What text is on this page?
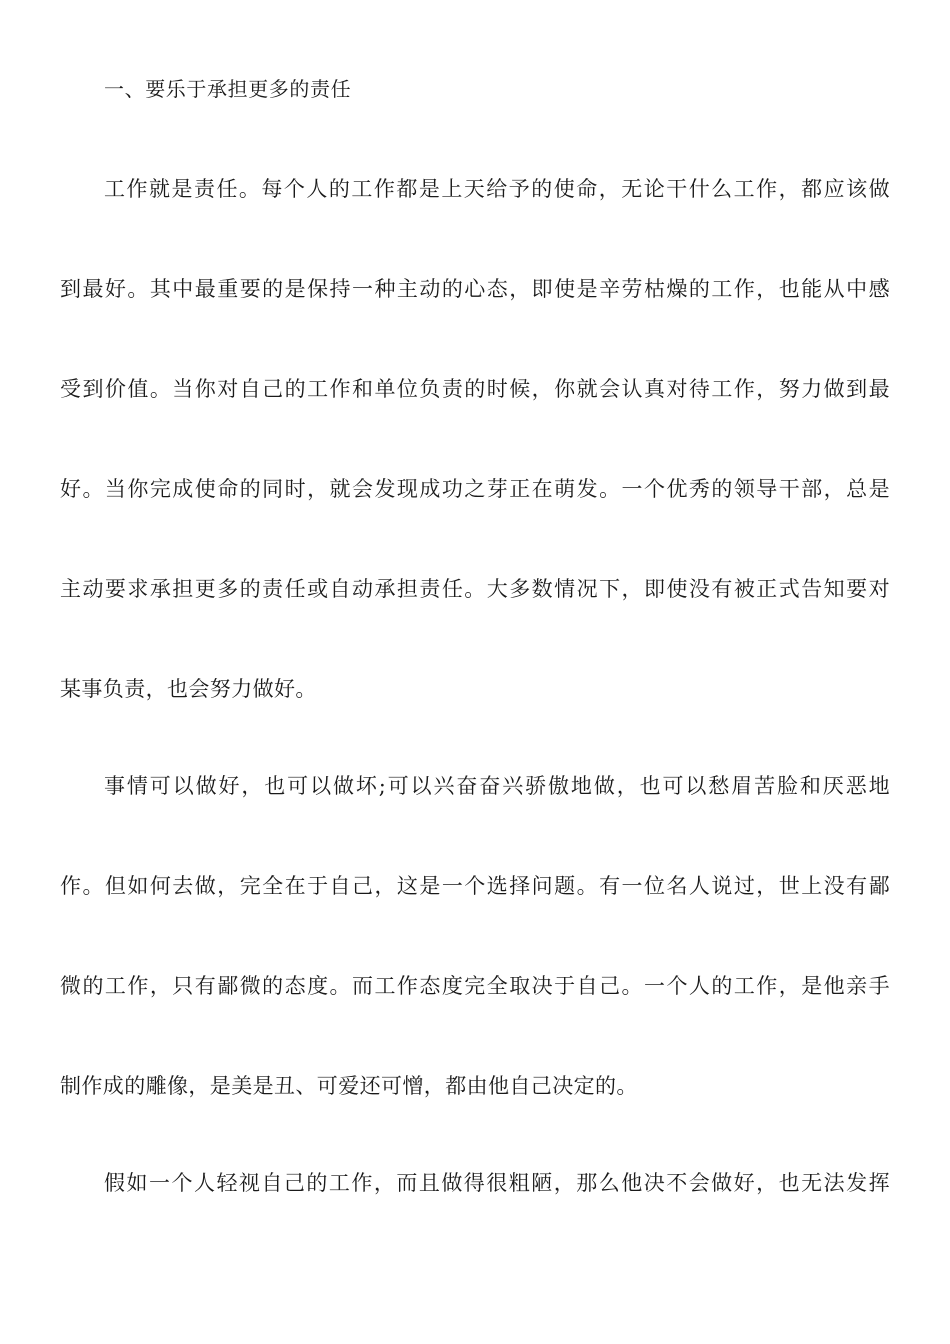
一、要乐于承担更多的责任
工作就是责任。每个人的工作都是上天给予的使命，无论干什么工作，都应该做
到最好。其中最重要的是保持一种主动的心态，即使是辛劳枯燥的工作，也能从中感
受到价值。当你对自己的工作和单位负责的时候，你就会认真对待工作，努力做到最
好。当你完成使命的同时，就会发现成功之芽正在萌发。一个优秀的领导干部，总是
主动要求承担更多的责任或自动承担责任。大多数情况下，即使没有被正式告知要对
某事负责，也会努力做好。
事情可以做好，也可以做坏;可以兴奋奋兴骄傲地做，也可以愁眉苦脸和厌恶地
作。但如何去做，完全在于自己，这是一个选择问题。有一位名人说过，世上没有鄙
微的工作，只有鄙微的态度。而工作态度完全取决于自己。一个人的工作，是他亲手
制作成的雕像，是美是丑、可爱还可憎，都由他自己决定的。
假如一个人轻视自己的工作，而且做得很粗陋，那么他决不会做好，也无法发挥
